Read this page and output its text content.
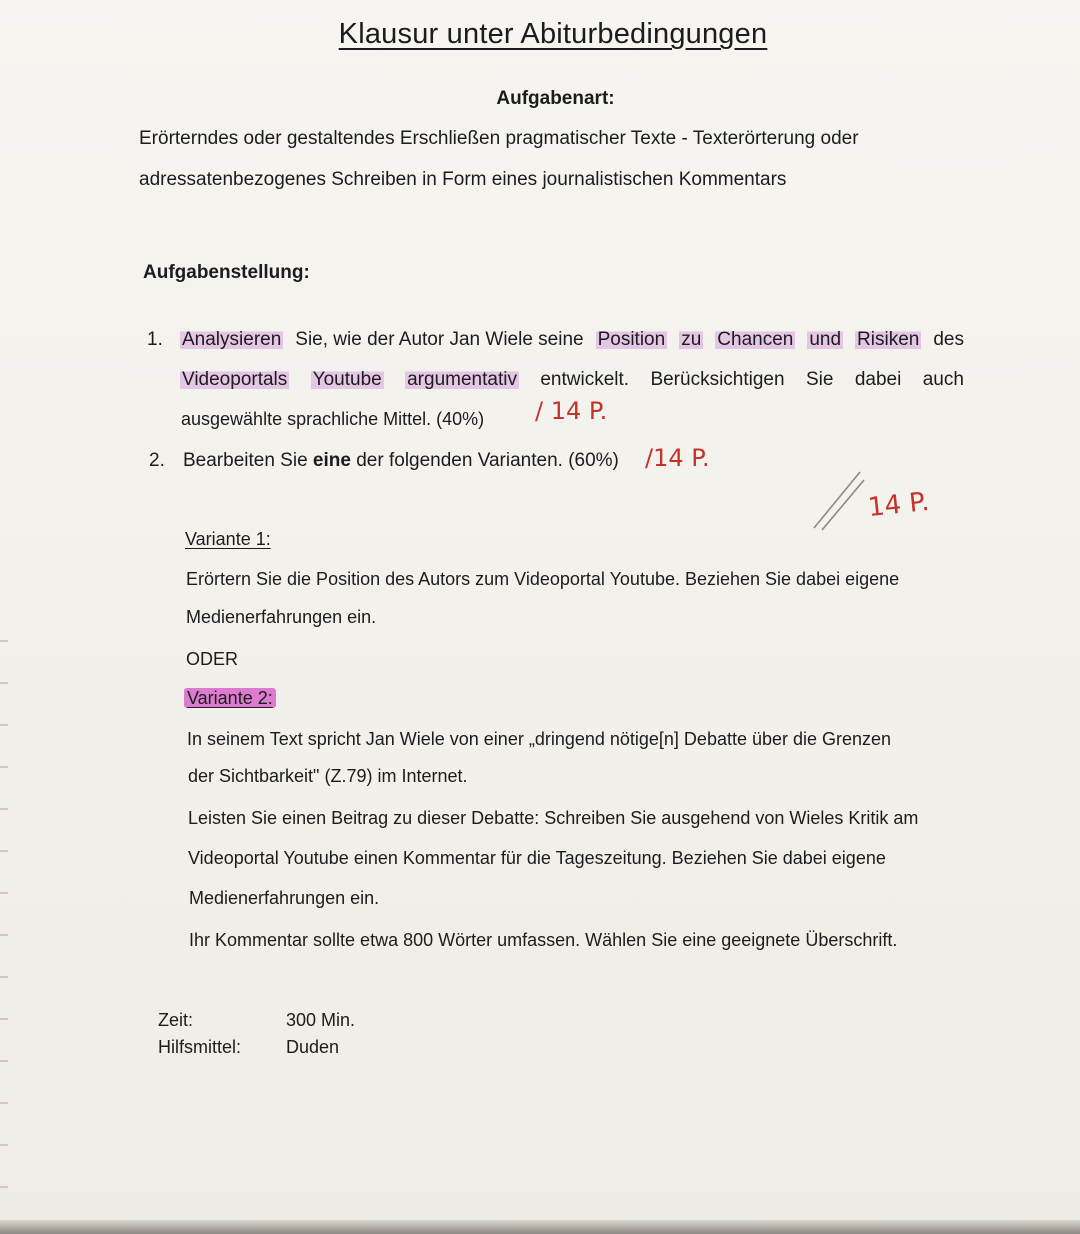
Klausur unter Abiturbedingungen
Aufgabenart:
Erörterndes oder gestaltendes Erschließen pragmatischer Texte - Texterörterung oder
adressatenbezogenes Schreiben in Form eines journalistischen Kommentars
Aufgabenstellung:
1. Analysieren Sie, wie der Autor Jan Wiele seine Position zu Chancen und Risiken des
Videoportals Youtube argumentativ entwickelt. Berücksichtigen Sie dabei auch
ausgewählte sprachliche Mittel. (40%) / 14 P.
2. Bearbeiten Sie eine der folgenden Varianten. (60%) /14 P.
14 P.
Variante 1:
Erörtern Sie die Position des Autors zum Videoportal Youtube. Beziehen Sie dabei eigene
Medienerfahrungen ein.
ODER
Variante 2:
In seinem Text spricht Jan Wiele von einer „dringend nötige[n] Debatte über die Grenzen
der Sichtbarkeit" (Z.79) im Internet.
Leisten Sie einen Beitrag zu dieser Debatte: Schreiben Sie ausgehend von Wieles Kritik am
Videoportal Youtube einen Kommentar für die Tageszeitung. Beziehen Sie dabei eigene
Medienerfahrungen ein.
Ihr Kommentar sollte etwa 800 Wörter umfassen. Wählen Sie eine geeignete Überschrift.
Zeit:	300 Min.
Hilfsmittel: Duden
